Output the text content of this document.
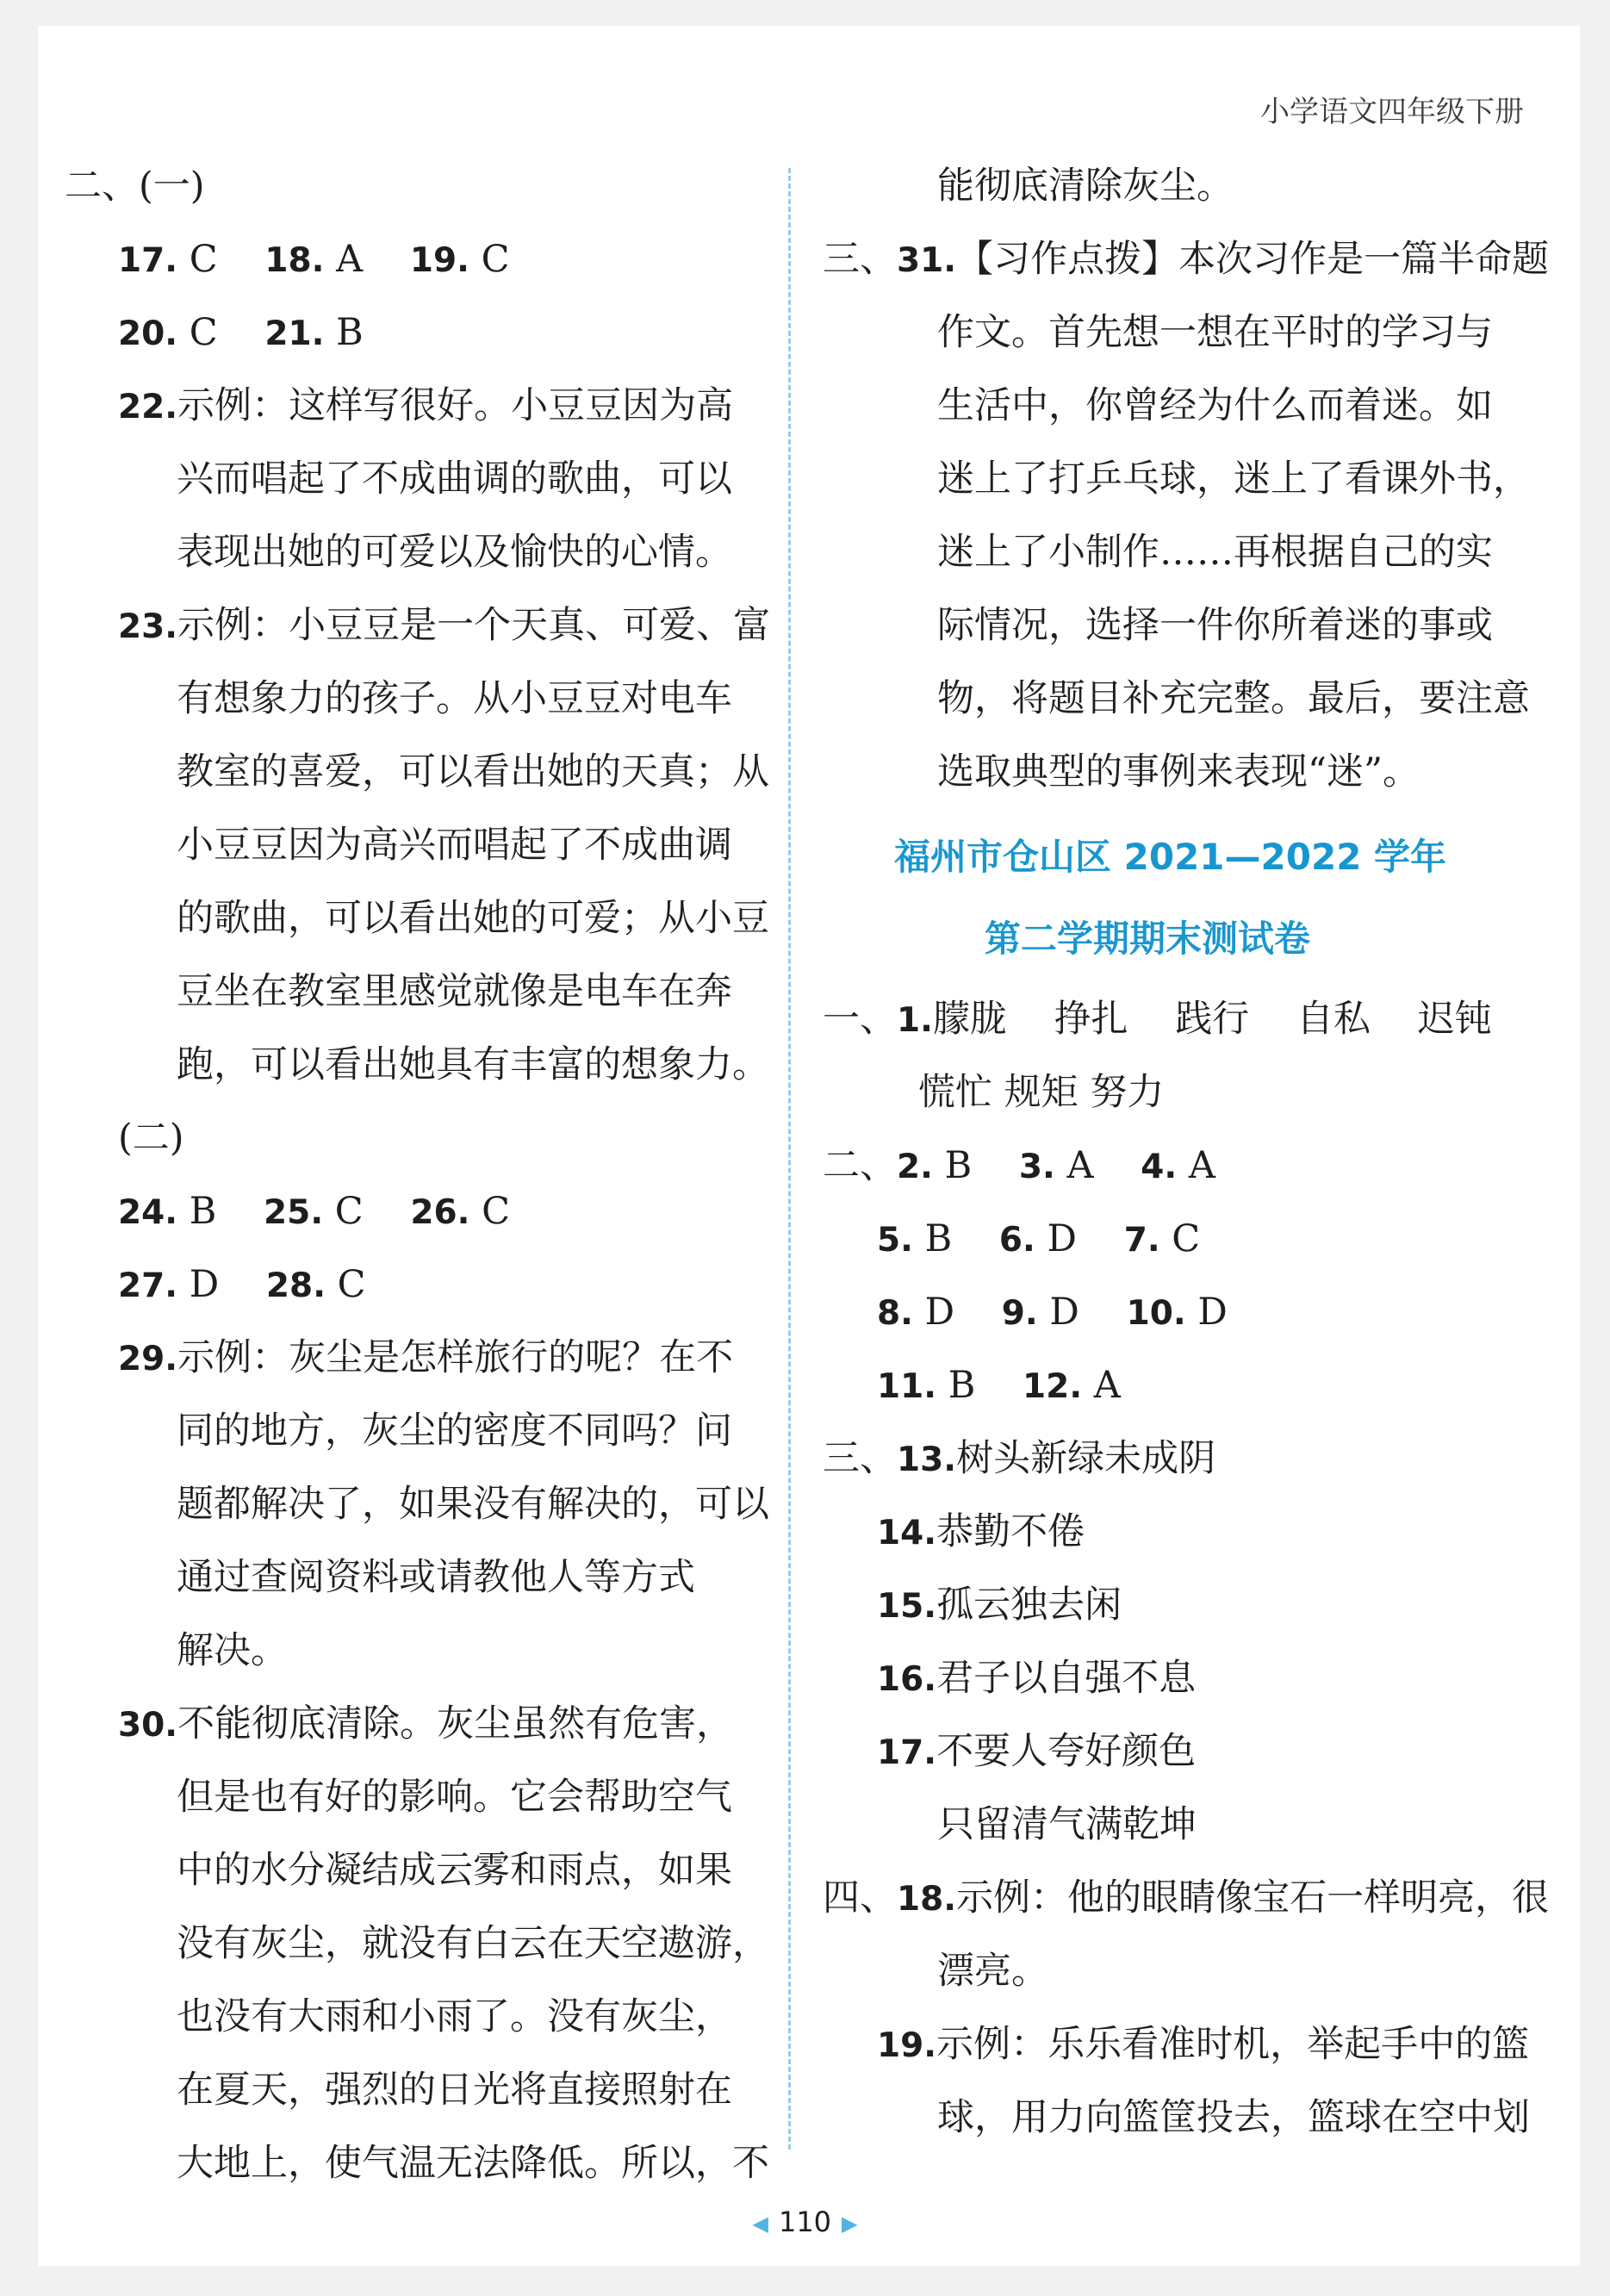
小学语文四年级下册
二、(一)
17. C    18. A    19. C
20. C    21. B
22.示例：这样写很好。小豆豆因为高
兴而唱起了不成曲调的歌曲，可以
表现出她的可爱以及愉快的心情。
23.示例：小豆豆是一个天真、可爱、富
有想象力的孩子。从小豆豆对电车
教室的喜爱，可以看出她的天真；从
小豆豆因为高兴而唱起了不成曲调
的歌曲，可以看出她的可爱；从小豆
豆坐在教室里感觉就像是电车在奔
跑，可以看出她具有丰富的想象力。
(二)
24. B    25. C    26. C
27. D    28. C
29.示例：灰尘是怎样旅行的呢？在不
同的地方，灰尘的密度不同吗？问
题都解决了，如果没有解决的，可以
通过查阅资料或请教他人等方式
解决。
30.不能彻底清除。灰尘虽然有危害，
但是也有好的影响。它会帮助空气
中的水分凝结成云雾和雨点，如果
没有灰尘，就没有白云在天空遨游，
也没有大雨和小雨了。没有灰尘，
在夏天，强烈的日光将直接照射在
大地上，使气温无法降低。所以，不
能彻底清除灰尘。
三、31.【习作点拨】本次习作是一篇半命题
作文。首先想一想在平时的学习与
生活中，你曾经为什么而着迷。如
迷上了打乒乓球，迷上了看课外书，
迷上了小制作……再根据自己的实
际情况，选择一件你所着迷的事或
物，将题目补充完整。最后，要注意
选取典型的事例来表现“迷”。
福州市仓山区 2021—2022 学年
第二学期期末测试卷
一、1.朦胧    挣扎    践行    自私    迟钝
慌忙 规矩 努力
二、2. B    3. A    4. A
5. B    6. D    7. C
8. D    9. D    10. D
11. B    12. A
三、13.树头新绿未成阴
14.恭勤不倦
15.孤云独去闲
16.君子以自强不息
17.不要人夸好颜色
只留清气满乾坤
四、18.示例：他的眼睛像宝石一样明亮，很
漂亮。
19.示例：乐乐看准时机，举起手中的篮
球，用力向篮筐投去，篮球在空中划
◀ 110 ▶
